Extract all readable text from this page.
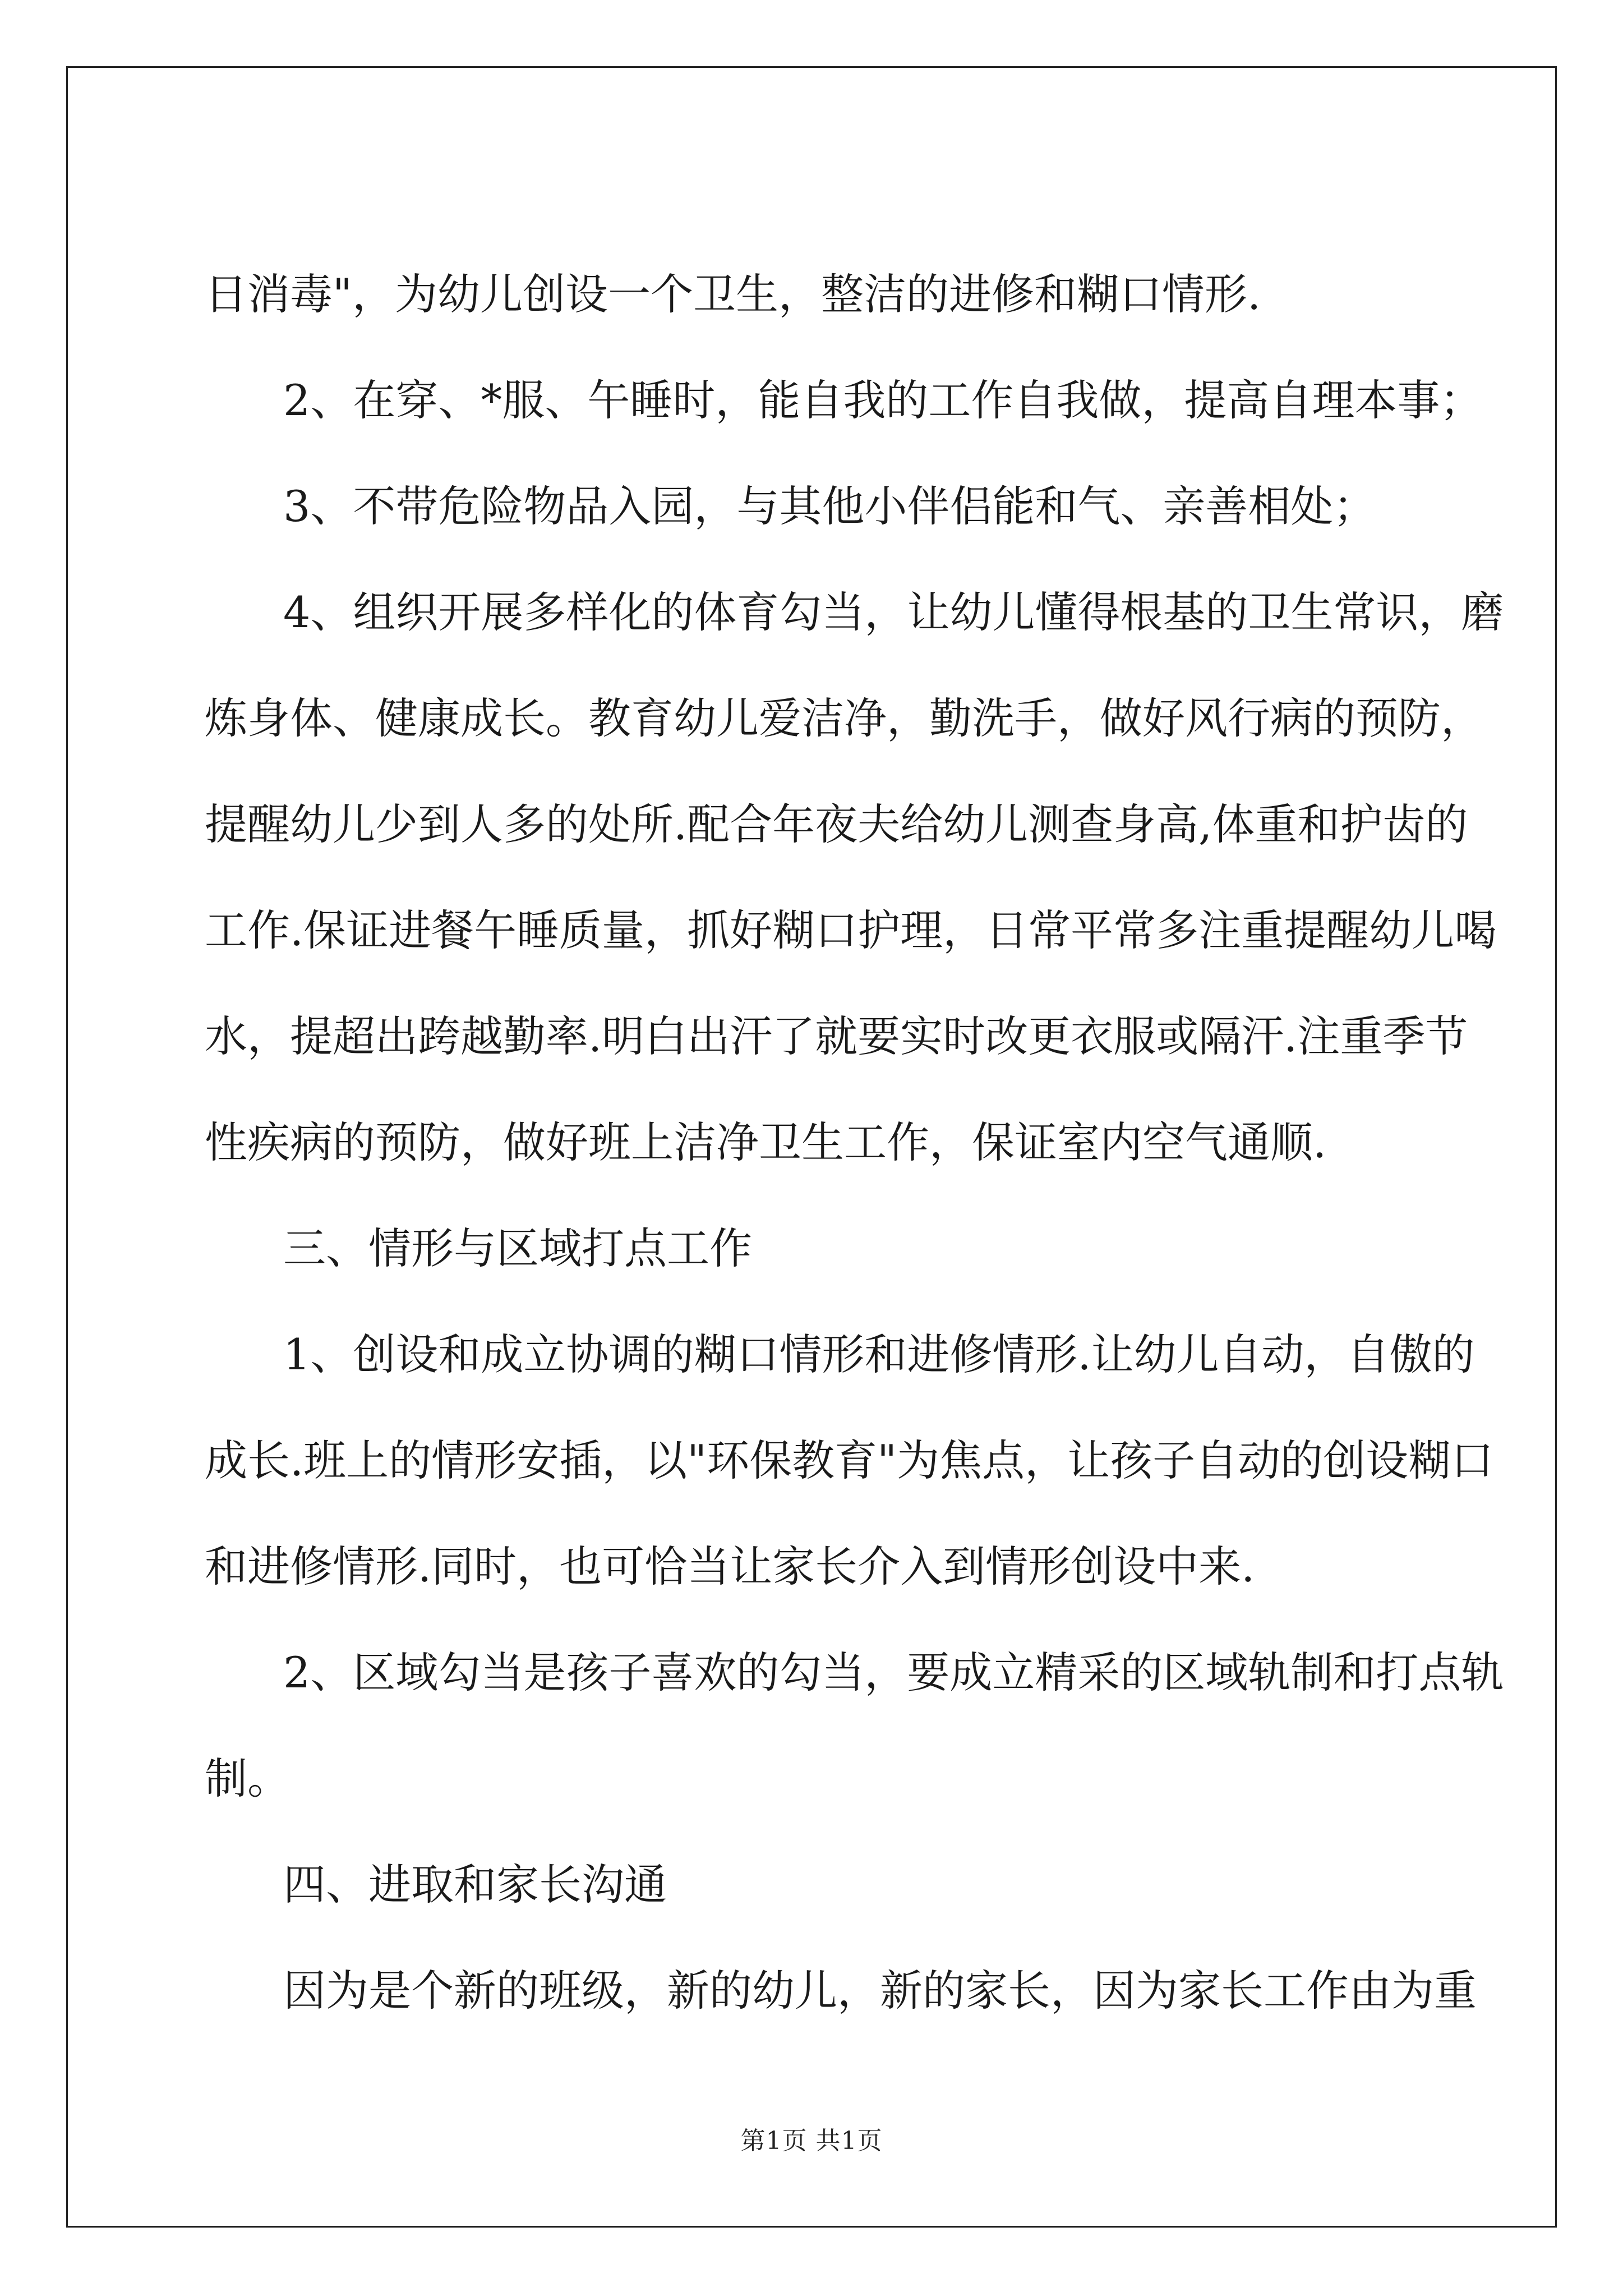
日消毒"，为幼儿创设一个卫生，整洁的进修和糊口情形.
2、在穿、*服、午睡时，能自我的工作自我做，提高自理本事；
3、不带危险物品入园，与其他小伴侣能和气、亲善相处；
4、组织开展多样化的体育勾当，让幼儿懂得根基的卫生常识，磨
炼身体、健康成长。教育幼儿爱洁净，勤洗手，做好风行病的预防，
提醒幼儿少到人多的处所.配合年夜夫给幼儿测查身高,体重和护齿的
工作.保证进餐午睡质量，抓好糊口护理，日常平常多注重提醒幼儿喝
水，提超出跨越勤率.明白出汗了就要实时改更衣服或隔汗.注重季节
性疾病的预防，做好班上洁净卫生工作，保证室内空气通顺.
三、情形与区域打点工作
1、创设和成立协调的糊口情形和进修情形.让幼儿自动，自傲的
成长.班上的情形安插，以"环保教育"为焦点，让孩子自动的创设糊口
和进修情形.同时，也可恰当让家长介入到情形创设中来.
2、区域勾当是孩子喜欢的勾当，要成立精采的区域轨制和打点轨
制。
四、进取和家长沟通
因为是个新的班级，新的幼儿，新的家长，因为家长工作由为重
第1页 共1页
